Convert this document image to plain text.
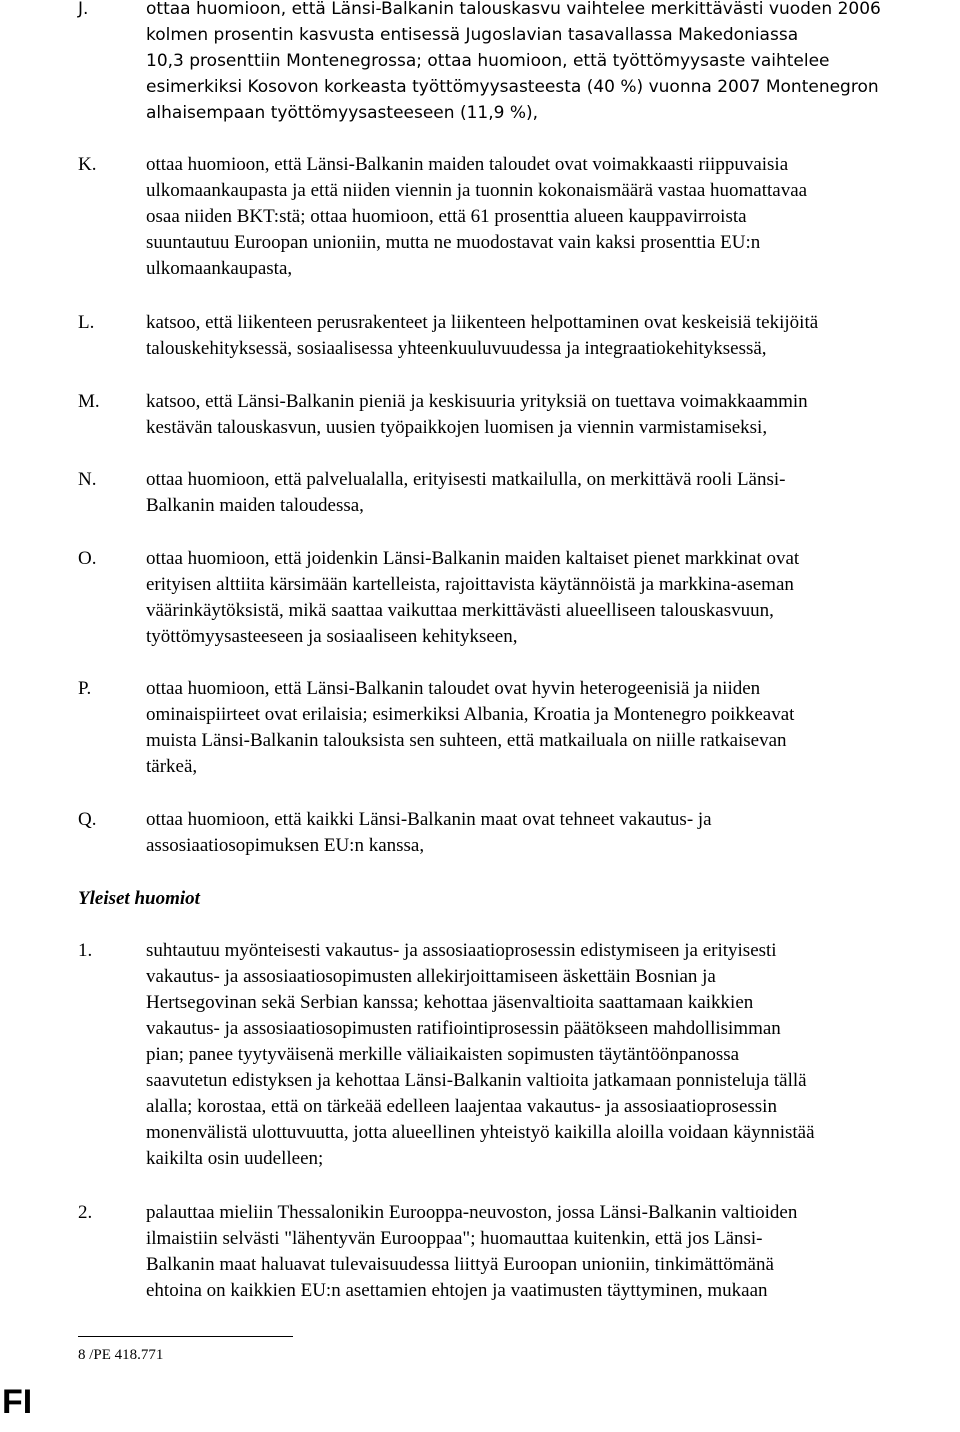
J.	ottaa huomioon, että Länsi-Balkanin talouskasvu vaihtelee merkittävästi vuoden 2006
kolmen prosentin kasvusta entisessä Jugoslavian tasavallassa Makedoniassa
10,3 prosenttiin Montenegrossa; ottaa huomioon, että työttömyysaste vaihtelee
esimerkiksi Kosovon korkeasta työttömyysasteesta (40 %) vuonna 2007 Montenegron
alhaisempaan työttömyysasteeseen (11,9 %),
K.	ottaa huomioon, että Länsi-Balkanin maiden taloudet ovat voimakkaasti riippuvaisia
ulkomaankaupasta ja että niiden viennin ja tuonnin kokonaismäärä vastaa huomattavaa
osaa niiden BKT:stä; ottaa huomioon, että 61 prosenttia alueen kauppavirroista
suuntautuu Euroopan unioniin, mutta ne muodostavat vain kaksi prosenttia EU:n
ulkomaankaupasta,
L.	katsoo, että liikenteen perusrakenteet ja liikenteen helpottaminen ovat keskeisiä tekijöitä
talouskehityksessä, sosiaalisessa yhteenkuuluvuudessa ja integraatiokehityksessä,
M. katsoo, että Länsi-Balkanin pieniä ja keskisuuria yrityksiä on tuettava voimakkaammin
kestävän talouskasvun, uusien työpaikkojen luomisen ja viennin varmistamiseksi,
N.	ottaa huomioon, että palvelualalla, erityisesti matkailulla, on merkittävä rooli Länsi-
Balkanin maiden taloudessa,
O.	ottaa huomioon, että joidenkin Länsi-Balkanin maiden kaltaiset pienet markkinat ovat
erityisen alttiita kärsimään kartelleista, rajoittavista käytännöistä ja markkina-aseman
väärinkäytöksistä, mikä saattaa vaikuttaa merkittävästi alueelliseen talouskasvuun,
työttömyysasteeseen ja sosiaaliseen kehitykseen,
P.	ottaa huomioon, että Länsi-Balkanin taloudet ovat hyvin heterogeenisiä ja niiden
ominaispiirteet ovat erilaisia; esimerkiksi Albania, Kroatia ja Montenegro poikkeavat
muista Länsi-Balkanin talouksista sen suhteen, että matkailuala on niille ratkaisevan
tärkeä,
Q.	ottaa huomioon, että kaikki Länsi-Balkanin maat ovat tehneet vakautus- ja
assosiaatiosopimuksen EU:n kanssa,
Yleiset huomiot
1.	suhtautuu myönteisesti vakautus- ja assosiaatioprosessin edistymiseen ja erityisesti
vakautus- ja assosiaatiosopimusten allekirjoittamiseen äskettäin Bosnian ja
Hertsegovinan sekä Serbian kanssa; kehottaa jäsenvaltioita saattamaan kaikkien
vakautus- ja assosiaatiosopimusten ratifiointiprosessin päätökseen mahdollisimman
pian; panee tyytyväisenä merkille väliaikaisten sopimusten täytäntöönpanossa
saavutetun edistyksen ja kehottaa Länsi-Balkanin valtioita jatkamaan ponnisteluja tällä
alalla; korostaa, että on tärkeää edelleen laajentaa vakautus- ja assosiaatioprosessin
monenvälistä ulottuvuutta, jotta alueellinen yhteistyö kaikilla aloilla voidaan käynnistää
kaikilta osin uudelleen;
2.	palauttaa mieliin Thessalonikin Eurooppa-neuvoston, jossa Länsi-Balkanin valtioiden
ilmaistiin selvästi "lähentyvän Eurooppaa"; huomauttaa kuitenkin, että jos Länsi-
Balkanin maat haluavat tulevaisuudessa liittyä Euroopan unioniin, tinkimättömänä
ehtoina on kaikkien EU:n asettamien ehtojen ja vaatimusten täyttyminen, mukaan
8 /PE 418.771
FI
